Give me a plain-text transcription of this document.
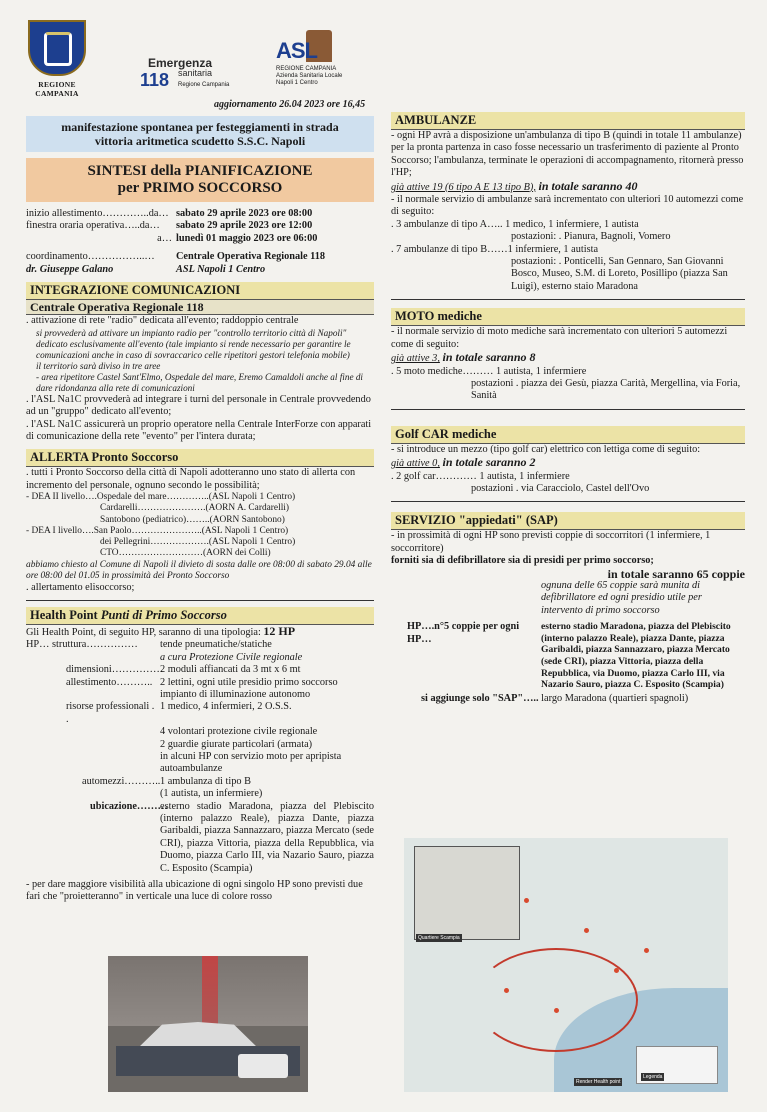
REGIONE CAMPANIA
Emergenza
118 sanitaria
Regione Campania
ASL
REGIONE CAMPANIA Azienda Sanitaria Locale Napoli 1 Centro
aggiornamento 26.04 2023 ore 16,45
manifestazione spontanea per festeggiamenti in strada
vittoria aritmetica scudetto S.S.C. Napoli
SINTESI della PIANIFICAZIONE
per PRIMO SOCCORSO
inizio allestimento…………..da… sabato 29 aprile 2023 ore 08:00
finestra oraria operativa…..da…	sabato 29 aprile 2023 ore 12:00
a… lunedì 01 maggio 2023 ore 06:00
coordinamento……………..…	Centrale Operativa Regionale 118
dr. Giuseppe Galano	ASL Napoli 1 Centro
INTEGRAZIONE COMUNICAZIONI
Centrale Operativa Regionale 118

. attivazione di rete "radio" dedicata all'evento; raddoppio centrale

si provvederà ad attivare un impianto radio per "controllo territorio città di Napoli" dedicato esclusivamente all'evento (tale impianto si rende necessario per garantire le comunicazioni anche in caso di sovraccarico celle ripetitori gestori telefonia mobile)

il territorio sarà diviso in tre aree

- area ripetitore Castel Sant'Elmo, Ospedale del mare, Eremo Camaldoli anche al fine di dare ridondanza alla rete di comunicazioni

. l'ASL Na1C provvederà ad integrare i turni del personale in Centrale provvedendo ad un "gruppo" dedicato all'evento;

. l'ASL Na1C assicurerà un proprio operatore nella Centrale InterForze con apparati di comunicazione della rete "evento" per l'intera durata;

ALLERTA Pronto Soccorso

. tutti i Pronto Soccorso della città di Napoli adotteranno uno stato di allerta con incremento del personale, ognuno secondo le possibilità;

- DEA II livello….Ospedale del mare…………..(ASL Napoli 1 Centro)

Cardarelli………………….(AORN A. Cardarelli)

Santobono (pediatrico)……..(AORN Santobono)

- DEA I livello….San Paolo…………………..(ASL Napoli 1 Centro)

dei Pellegrini……………….(ASL Napoli 1 Centro)

CTO………………………(AORN dei Colli)

abbiamo chiesto al Comune di Napoli il divieto di sosta dalle ore 08:00 di sabato 29.04 alle ore 08:00 del 01.05 in prossimità dei Pronto Soccorso

. allertamento elisoccorso;

Health Point Punti di Primo Soccorso

Gli Health Point, di seguito HP, saranno di una tipologia: 12 HP

HP… struttura……………	tende pneumatiche/statiche
a cura Protezione Civile regionale
dimensioni……………
2 moduli affiancati da 3 mt x 6 mt
allestimento……….. 2 lettini, ogni utile presidio primo soccorso impianto di illuminazione autonomo
risorse professionali . .
1 medico, 4 infermieri, 2 O.S.S.
4 volontari protezione civile regionale
2 guardie giurate particolari (armata)
in alcuni HP con servizio moto per apripista autoambulanze
automezzi……….. 1 ambulanza di tipo B
(1 autista, un infermiere)
ubicazione………
esterno stadio Maradona, piazza del Plebiscito (interno palazzo Reale), piazza Dante, piazza Garibaldi, piazza Sannazzaro, piazza Mercato (sede CRI), piazza Vittoria, piazza della Repubblica, via Duomo, piazza Carlo III, via Nazario Sauro, piazza C. Esposito (Scampia)

- per dare maggiore visibilità alla ubicazione di ogni singolo HP sono previsti due fari che "proietteranno" in verticale una luce di colore rosso

AMBULANZE

- ogni HP avrà a disposizione un'ambulanza di tipo B (quindi in totale 11 ambulanze) per la pronta partenza in caso fosse necessario un trasferimento di paziente al Pronto Soccorso; l'ambulanza, terminate le operazioni di accompagnamento, ritornerà presso l'HP;

già attive 19 (6 tipo A E 13 tipo B), in totale saranno 40

- il normale servizio di ambulanze sarà incrementato con ulteriori 10 automezzi come di seguito:

. 3 ambulanze di tipo A….. 1 medico, 1 infermiere, 1 autista

postazioni: . Pianura, Bagnoli, Vomero

. 7 ambulanze di tipo B……1 infermiere, 1 autista

postazioni: . Ponticelli, San Gennaro, San Giovanni Bosco, Museo, S.M. di Loreto, Posillipo (piazza San Luigi), esterno staio Maradona

MOTO mediche

- il normale servizio di moto mediche sarà incrementato con ulteriori 5 automezzi come di seguito:

già attive 3, in totale saranno 8

. 5 moto mediche……… 1 autista, 1 infermiere

postazioni . piazza dei Gesù, piazza Carità, Mergellina, via Foria, Sanità

Golf CAR mediche

- si introduce un mezzo (tipo golf car) elettrico con lettiga come di seguito:

già attive 0, in totale saranno 2

. 2 golf car………… 1 autista, 1 infermiere

postazioni . via Caracciolo, Castel dell'Ovo

SERVIZIO "appiedati" (SAP)

- in prossimità di ogni HP sono previsti coppie di soccorritori (1 infermiere, 1 soccorritore)

forniti sia di defibrillatore sia di presidi per primo soccorso;

in totale saranno 65 coppie

ognuna delle 65 coppie sarà munita di defibrillatore ed ogni presidio utile per intervento di primo soccorso

HP….n°5 coppie per ogni HP…
esterno stadio Maradona, piazza del Plebiscito (interno palazzo Reale), piazza Dante, piazza Garibaldi, piazza Sannazzaro, piazza Mercato (sede CRI), piazza Vittoria, piazza della Repubblica, via Duomo, piazza Carlo III, via Nazario Sauro, piazza C. Esposito (Scampia)
si aggiunge solo "SAP"…..
largo Maradona (quartieri spagnoli)
Quartiere Scampia
Render Health point
Legenda
